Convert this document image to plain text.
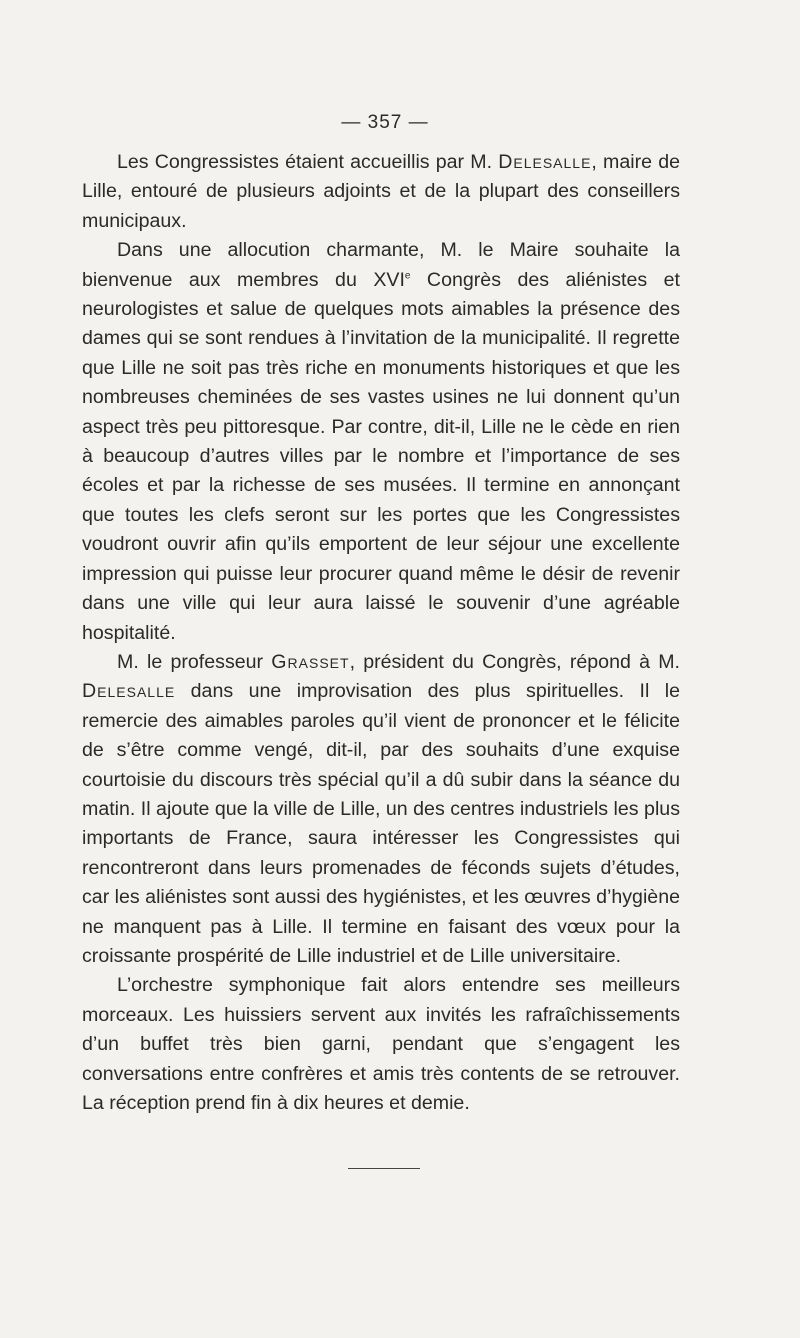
— 357 —

Les Congressistes étaient accueillis par M. Delesalle, maire de Lille, entouré de plusieurs adjoints et de la plupart des conseillers municipaux.

Dans une allocution charmante, M. le Maire souhaite la bienvenue aux membres du XVIe Congrès des aliénistes et neurologistes et salue de quelques mots aimables la présence des dames qui se sont rendues à l’invitation de la municipalité. Il regrette que Lille ne soit pas très riche en monuments historiques et que les nombreuses cheminées de ses vastes usines ne lui donnent qu’un aspect très peu pittoresque. Par contre, dit-il, Lille ne le cède en rien à beaucoup d’autres villes par le nombre et l’importance de ses écoles et par la richesse de ses musées. Il termine en annonçant que toutes les clefs seront sur les portes que les Congressistes voudront ouvrir afin qu’ils emportent de leur séjour une excellente impression qui puisse leur procurer quand même le désir de revenir dans une ville qui leur aura laissé le souvenir d’une agréable hospitalité.

M. le professeur Grasset, président du Congrès, répond à M. Delesalle dans une improvisation des plus spirituelles. Il le remercie des aimables paroles qu’il vient de prononcer et le félicite de s’être comme vengé, dit-il, par des souhaits d’une exquise courtoisie du discours très spécial qu’il a dû subir dans la séance du matin. Il ajoute que la ville de Lille, un des centres industriels les plus importants de France, saura intéresser les Congressistes qui rencontreront dans leurs promenades de féconds sujets d’études, car les aliénistes sont aussi des hygiénistes, et les œuvres d’hygiène ne manquent pas à Lille. Il termine en faisant des vœux pour la croissante prospérité de Lille industriel et de Lille universitaire.

L’orchestre symphonique fait alors entendre ses meilleurs morceaux. Les huissiers servent aux invités les rafraîchissements d’un buffet très bien garni, pendant que s’engagent les conversations entre confrères et amis très contents de se retrouver. La réception prend fin à dix heures et demie.
